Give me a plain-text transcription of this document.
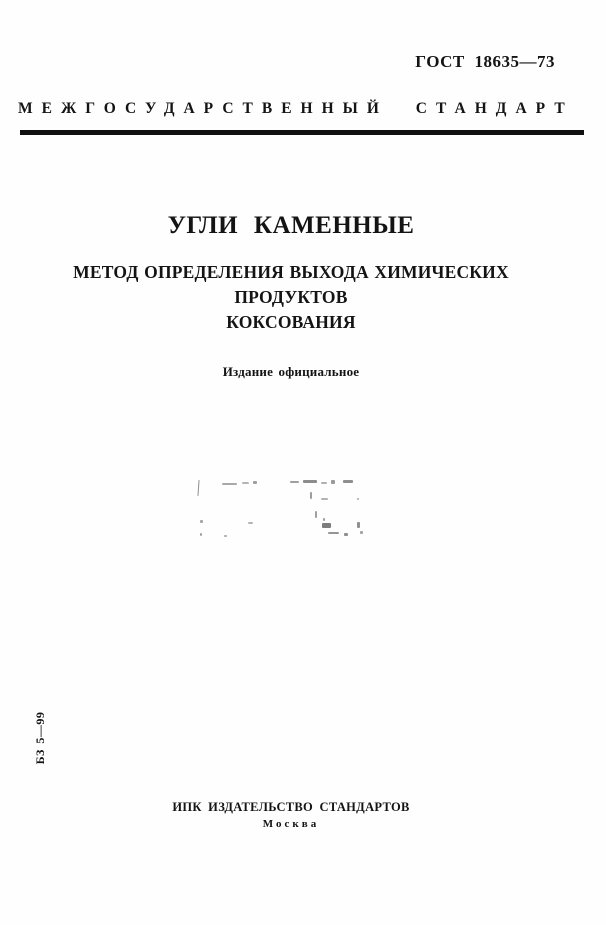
ГОСТ 18635—73
МЕЖГОСУДАРСТВЕННЫЙ СТАНДАРТ
УГЛИ КАМЕННЫЕ
МЕТОД ОПРЕДЕЛЕНИЯ ВЫХОДА ХИМИЧЕСКИХ ПРОДУКТОВ
КОКСОВАНИЯ
Издание официальное
БЗ 5—99
ИПК ИЗДАТЕЛЬСТВО СТАНДАРТОВ
Москва
